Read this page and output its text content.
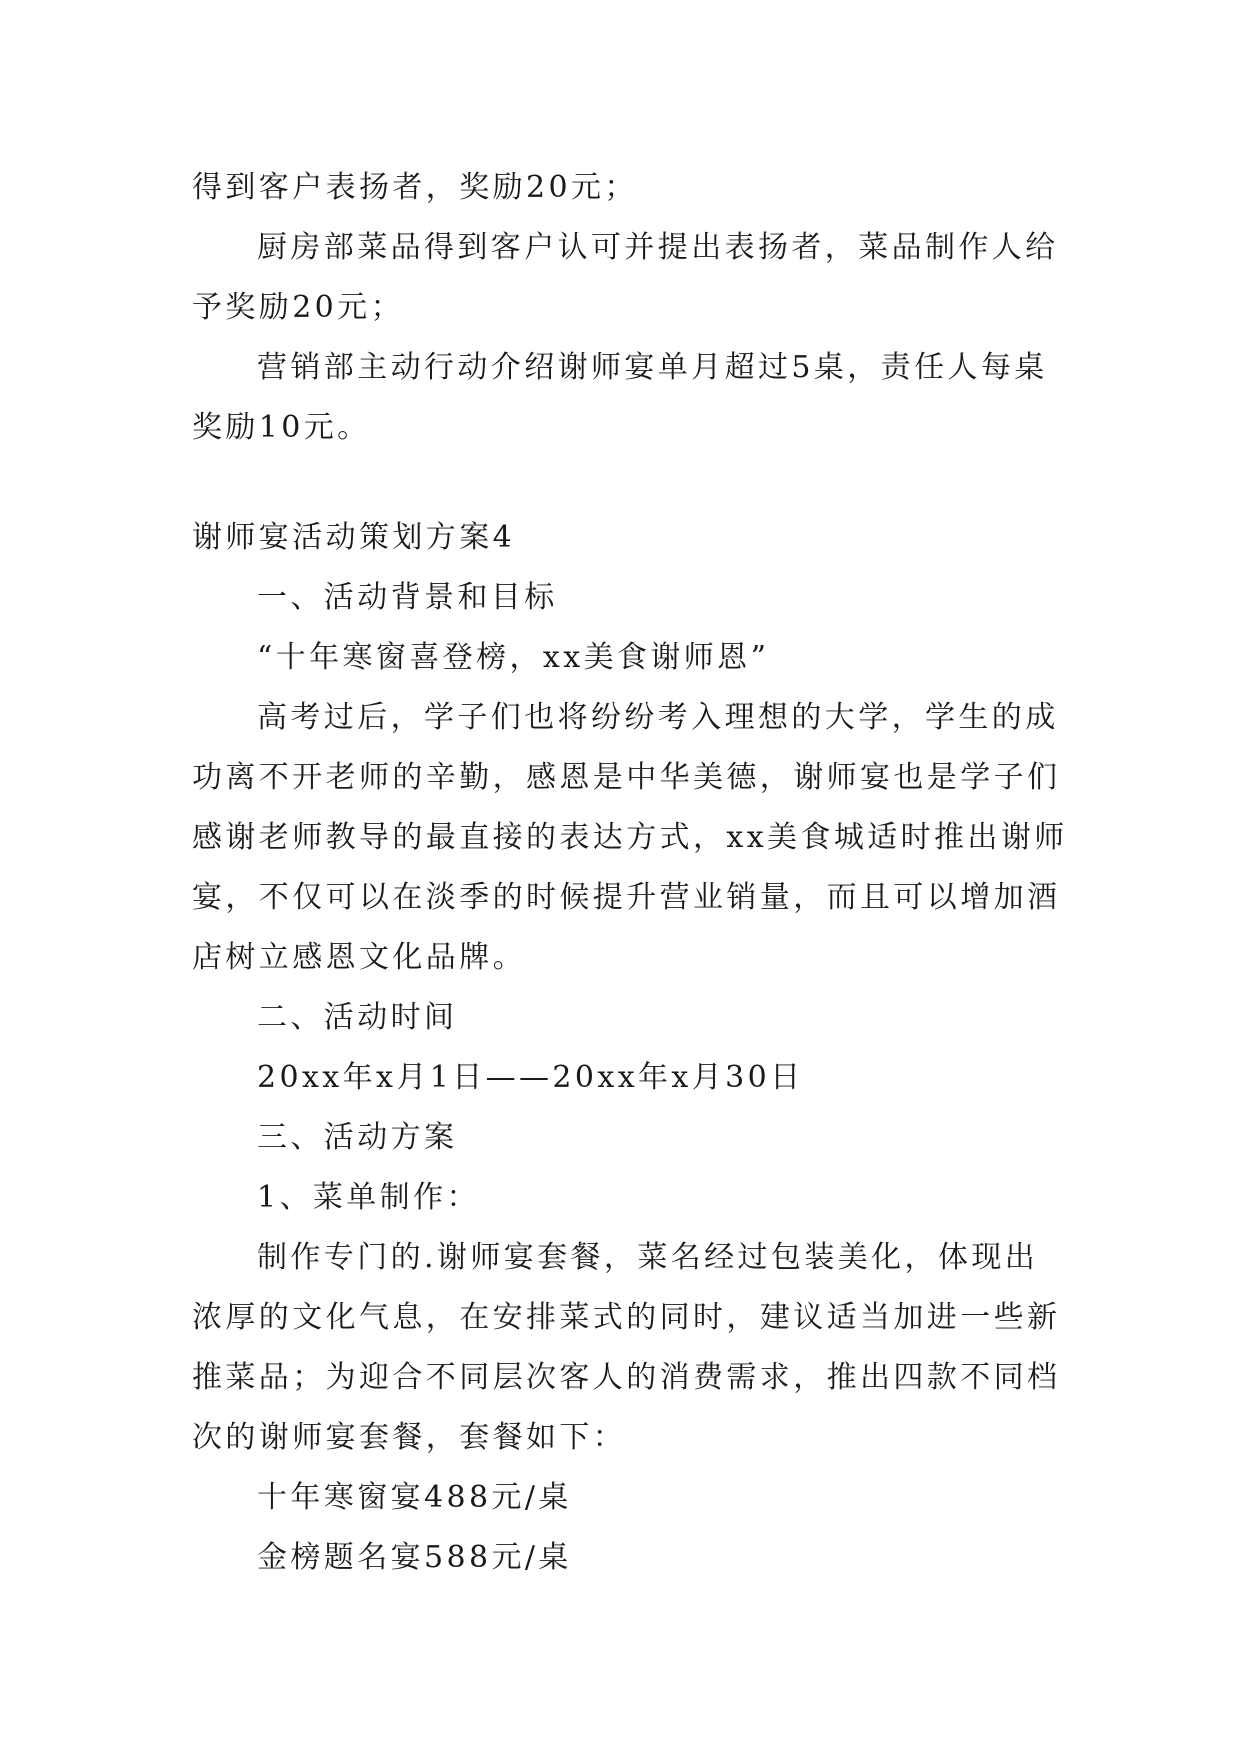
得到客户表扬者，奖励20元；
厨房部菜品得到客户认可并提出表扬者，菜品制作人给
予奖励20元；
营销部主动行动介绍谢师宴单月超过5桌，责任人每桌
奖励10元。
谢师宴活动策划方案4
一、活动背景和目标
“十年寒窗喜登榜，xx美食谢师恩”
高考过后，学子们也将纷纷考入理想的大学，学生的成
功离不开老师的辛勤，感恩是中华美德，谢师宴也是学子们
感谢老师教导的最直接的表达方式，xx美食城适时推出谢师
宴，不仅可以在淡季的时候提升营业销量，而且可以增加酒
店树立感恩文化品牌。
二、活动时间
20xx年x月1日——20xx年x月30日
三、活动方案
1、菜单制作：
制作专门的.谢师宴套餐，菜名经过包装美化，体现出
浓厚的文化气息，在安排菜式的同时，建议适当加进一些新
推菜品；为迎合不同层次客人的消费需求，推出四款不同档
次的谢师宴套餐，套餐如下：
十年寒窗宴488元/桌
金榜题名宴588元/桌
